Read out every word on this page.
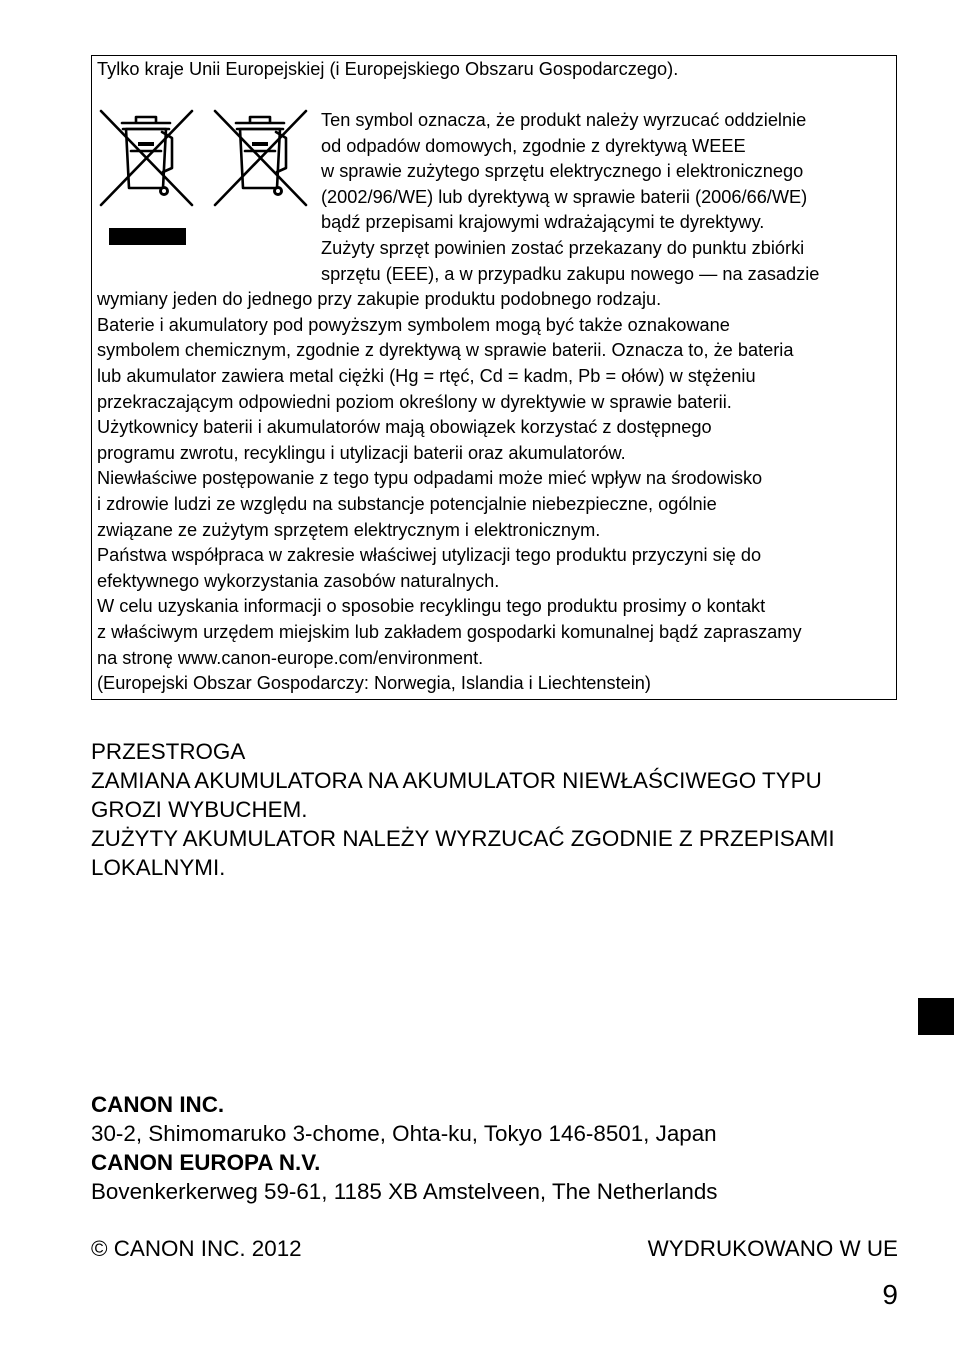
Tylko kraje Unii Europejskiej (i Europejskiego Obszaru Gospodarczego).
Ten symbol oznacza, że produkt należy wyrzucać oddzielnie
od odpadów domowych, zgodnie z dyrektywą WEEE
w sprawie zużytego sprzętu elektrycznego i elektronicznego
(2002/96/WE) lub dyrektywą w sprawie baterii (2006/66/WE)
bądź przepisami krajowymi wdrażającymi te dyrektywy.
Zużyty sprzęt powinien zostać przekazany do punktu zbiórki
sprzętu (EEE), a w przypadku zakupu nowego — na zasadzie
wymiany jeden do jednego przy zakupie produktu podobnego rodzaju.
Baterie i akumulatory pod powyższym symbolem mogą być także oznakowane
symbolem chemicznym, zgodnie z dyrektywą w sprawie baterii. Oznacza to, że bateria
lub akumulator zawiera metal ciężki (Hg = rtęć, Cd = kadm, Pb = ołów) w stężeniu
przekraczającym odpowiedni poziom określony w dyrektywie w sprawie baterii.
Użytkownicy baterii i akumulatorów mają obowiązek korzystać z dostępnego
programu zwrotu, recyklingu i utylizacji baterii oraz akumulatorów.
Niewłaściwe postępowanie z tego typu odpadami może mieć wpływ na środowisko
i zdrowie ludzi ze względu na substancje potencjalnie niebezpieczne, ogólnie
związane ze zużytym sprzętem elektrycznym i elektronicznym.
Państwa współpraca w zakresie właściwej utylizacji tego produktu przyczyni się do
efektywnego wykorzystania zasobów naturalnych.
W celu uzyskania informacji o sposobie recyklingu tego produktu prosimy o kontakt
z właściwym urzędem miejskim lub zakładem gospodarki komunalnej bądź zapraszamy
na stronę www.canon-europe.com/environment.
(Europejski Obszar Gospodarczy: Norwegia, Islandia i Liechtenstein)
PRZESTROGA
ZAMIANA AKUMULATORA NA AKUMULATOR NIEWŁAŚCIWEGO TYPU
GROZI WYBUCHEM.
ZUŻYTY AKUMULATOR NALEŻY WYRZUCAĆ ZGODNIE Z PRZEPISAMI
LOKALNYMI.
CANON INC.
30-2, Shimomaruko 3-chome, Ohta-ku, Tokyo 146-8501, Japan
CANON EUROPA N.V.
Bovenkerkerweg 59-61, 1185 XB Amstelveen, The Netherlands
© CANON INC. 2012	WYDRUKOWANO W UE
9
